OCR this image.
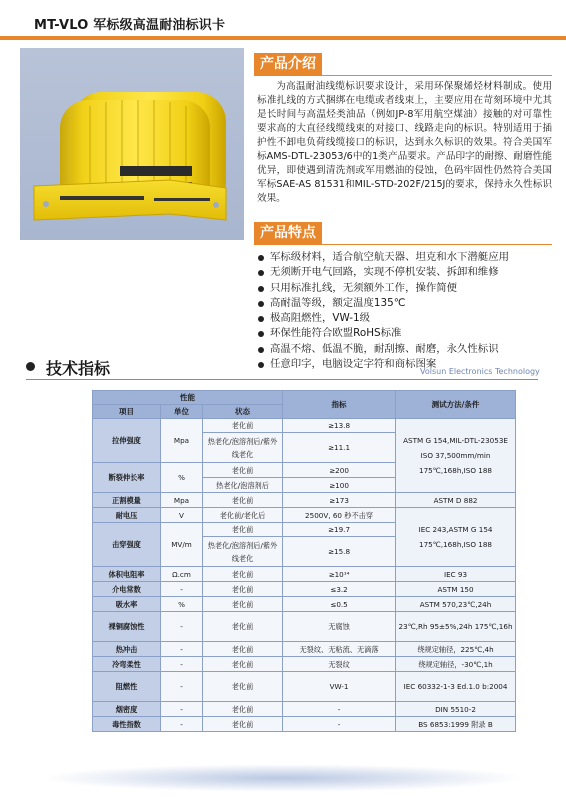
MT-VLO 军标级高温耐油标识卡
产品介绍

为高温耐油线缆标识要求设计，采用环保聚烯烃材料制成。使用标准扎线的方式捆绑在电缆或者线束上，主要应用在苛刻环境中尤其是长时间与高温烃类油品（例如JP-8军用航空煤油）接触的对可靠性要求高的大直径线缆线束的对接口、线路走向的标识。特别适用于插护性不卸电负荷线缆接口的标识，达到永久标识的效果。符合美国军标AMS-DTL-23053/6中的1类产品要求。产品印字的耐擦、耐磨性能优异，即使遇到清洗剂或军用燃油的侵蚀，色码牢固性仍然符合美国军标SAE-AS 81531和MIL-STD-202F/215J的要求，保持永久性标识效果。

产品特点
军标级材料，适合航空航天器、坦克和水下潜艇应用
无须断开电气回路，实现不停机安装、拆卸和维修
只用标准扎线，无须额外工作，操作简便
高耐温等级，额定温度135℃
极高阻燃性，VW-1级
环保性能符合欧盟RoHS标准
高温不熔、低温不脆，耐刮擦、耐磨，永久性标识
任意印字，电脑设定字符和商标图案
技术指标	Volsun Electronics Technology
性能			指标	测试方法/条件
项目	单位	状态		
拉伸强度	Mpa	老化前	≥13.8	ASTM G 154,MIL-DTL-23053E ISO 37,500mm/min 175℃,168h,ISO 188
		热老化/泡溶剂后/紫外线老化	≥11.1	
断裂伸长率	%	老化前	≥200	
		热老化/泡溶剂后	≥100	
正割模量	Mpa	老化前	≥173	ASTM D 882
耐电压	V	老化前/老化后	2500V, 60 秒不击穿	IEC 243,ASTM G 154 175℃,168h,ISO 188
击穿强度	MV/m	老化前	≥19.7	
		热老化/泡溶剂后/紫外线老化	≥15.8	
体积电阻率	Ω.cm	老化前	≥10¹⁴	IEC 93
介电常数	-	老化前	≤3.2	ASTM 150
吸水率	%	老化前	≤0.5	ASTM 570,23℃,24h
裸铜腐蚀性	-	老化前	无腐蚀	23℃,Rh 95±5%,24h 175℃,16h
热冲击	-	老化前	无裂纹、无粘流、无滴落	绕规定轴径，225℃,4h
冷弯柔性	-	老化前	无裂纹	绕规定轴径，-30℃,1h
阻燃性	-	老化前	VW-1	IEC 60332-1-3 Ed.1.0 b:2004
烟密度	-	老化前	-	DIN 5510-2
毒性指数	-	老化前	-	BS 6853:1999 附录 B
